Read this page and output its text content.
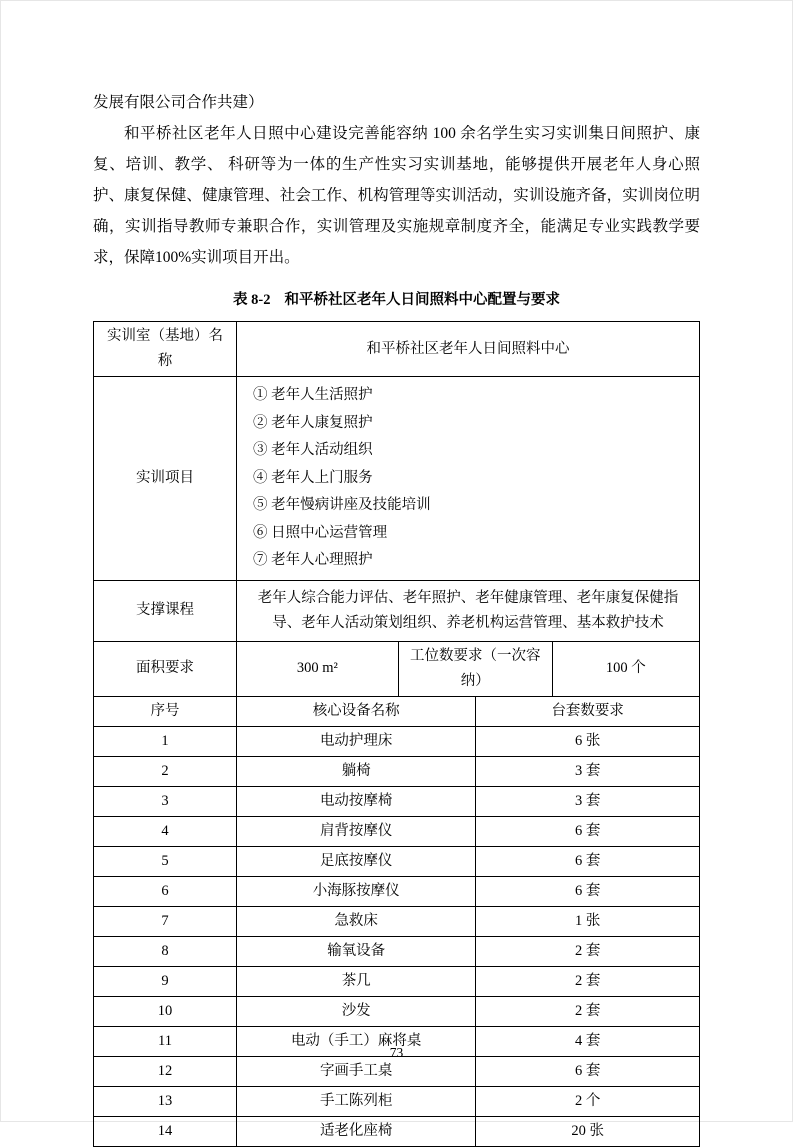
发展有限公司合作共建）

和平桥社区老年人日照中心建设完善能容纳 100 余名学生实习实训集日间照护、康复、培训、教学、 科研等为一体的生产性实习实训基地，能够提供开展老年人身心照护、康复保健、健康管理、社会工作、机构管理等实训活动，实训设施齐备，实训岗位明确，实训指导教师专兼职合作，实训管理及实施规章制度齐全，能满足专业实践教学要求，保障100%实训项目开出。

表 8-2 和平桥社区老年人日间照料中心配置与要求

实训室（基地）名称	和平桥社区老年人日间照料中心			
实训项目	
① 老年人生活照护
② 老年人康复照护
③ 老年人活动组织
④ 老年人上门服务
⑤ 老年慢病讲座及技能培训
⑥ 日照中心运营管理
⑦ 老年人心理照护

支撑课程	老年人综合能力评估、老年照护、老年健康管理、老年康复保健指导、老年人活动策划组织、养老机构运营管理、基本救护技术			
面积要求	300 m²	工位数要求（一次容纳）		100 个
序号	核心设备名称		台套数要求	
1	电动护理床		6 张	
2	躺椅		3 套	
3	电动按摩椅		3 套	
4	肩背按摩仪		6 套	
5	足底按摩仪		6 套	
6	小海豚按摩仪		6 套	
7	急救床		1 张	
8	输氧设备		2 套	
9	茶几		2 套	
10	沙发		2 套	
11	电动（手工）麻将桌		4 套	
12	字画手工桌		6 套	
13	手工陈列柜		2 个	
14	适老化座椅		20 张	
73
